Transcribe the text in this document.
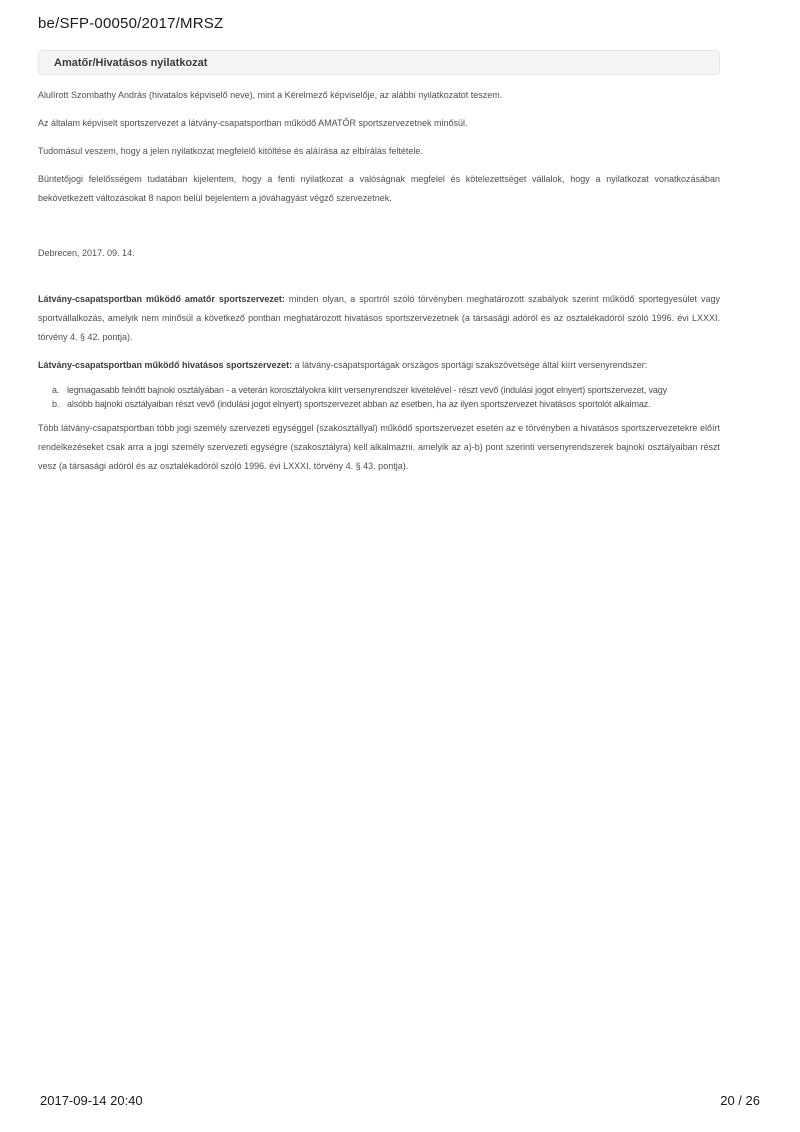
be/SFP-00050/2017/MRSZ
Amatőr/Hivatásos nyilatkozat

Alulírott Szombathy András (hivatalos képviselő neve), mint a Kérelmező képviselője, az alábbi nyilatkozatot teszem.

Az általam képviselt sportszervezet a látvány-csapatsportban működő AMATŐR sportszervezetnek minősül.

Tudomásul veszem, hogy a jelen nyilatkozat megfelelő kitöltése és aláírása az elbírálás feltétele.

Büntetőjogi felelősségem tudatában kijelentem, hogy a fenti nyilatkozat a valóságnak megfelel és kötelezettséget vállalok, hogy a nyilatkozat vonatkozásában bekövetkezett változásokat 8 napon belül bejelentem a jóváhagyást végző szervezetnek.

Debrecen, 2017. 09. 14.

Látvány-csapatsportban működő amatőr sportszervezet: minden olyan, a sportról szóló törvényben meghatározott szabályok szerint működő sportegyesület vagy sportvállalkozás, amelyik nem minősül a következő pontban meghatározott hivatásos sportszervezetnek (a társasági adóról és az osztalékadóról szóló 1996. évi LXXXI. törvény 4. § 42. pontja).

Látvány-csapatsportban működő hivatásos sportszervezet: a látvány-csapatsportágak országos sportági szakszövetsége által kiírt versenyrendszer:

a. legmagasabb felnőtt bajnoki osztályában - a veterán korosztályokra kiírt versenyrendszer kivételével - részt vevő (indulási jogot elnyert) sportszervezet, vagy
b. alsóbb bajnoki osztályaiban részt vevő (indulási jogot elnyert) sportszervezet abban az esetben, ha az ilyen sportszervezet hivatásos sportolót alkalmaz.

Több látvány-csapatsportban több jogi személy szervezeti egységgel (szakosztállyal) működő sportszervezet esetén az e törvényben a hivatásos sportszervezetekre előírt rendelkezéseket csak arra a jogi személy szervezeti egységre (szakosztályra) kell alkalmazni, amelyik az a)-b) pont szerinti versenyrendszerek bajnoki osztályaiban részt vesz (a társasági adóról és az osztalékadóról szóló 1996. évi LXXXI. törvény 4. § 43. pontja).

2017-09-14 20:40	20 / 26
